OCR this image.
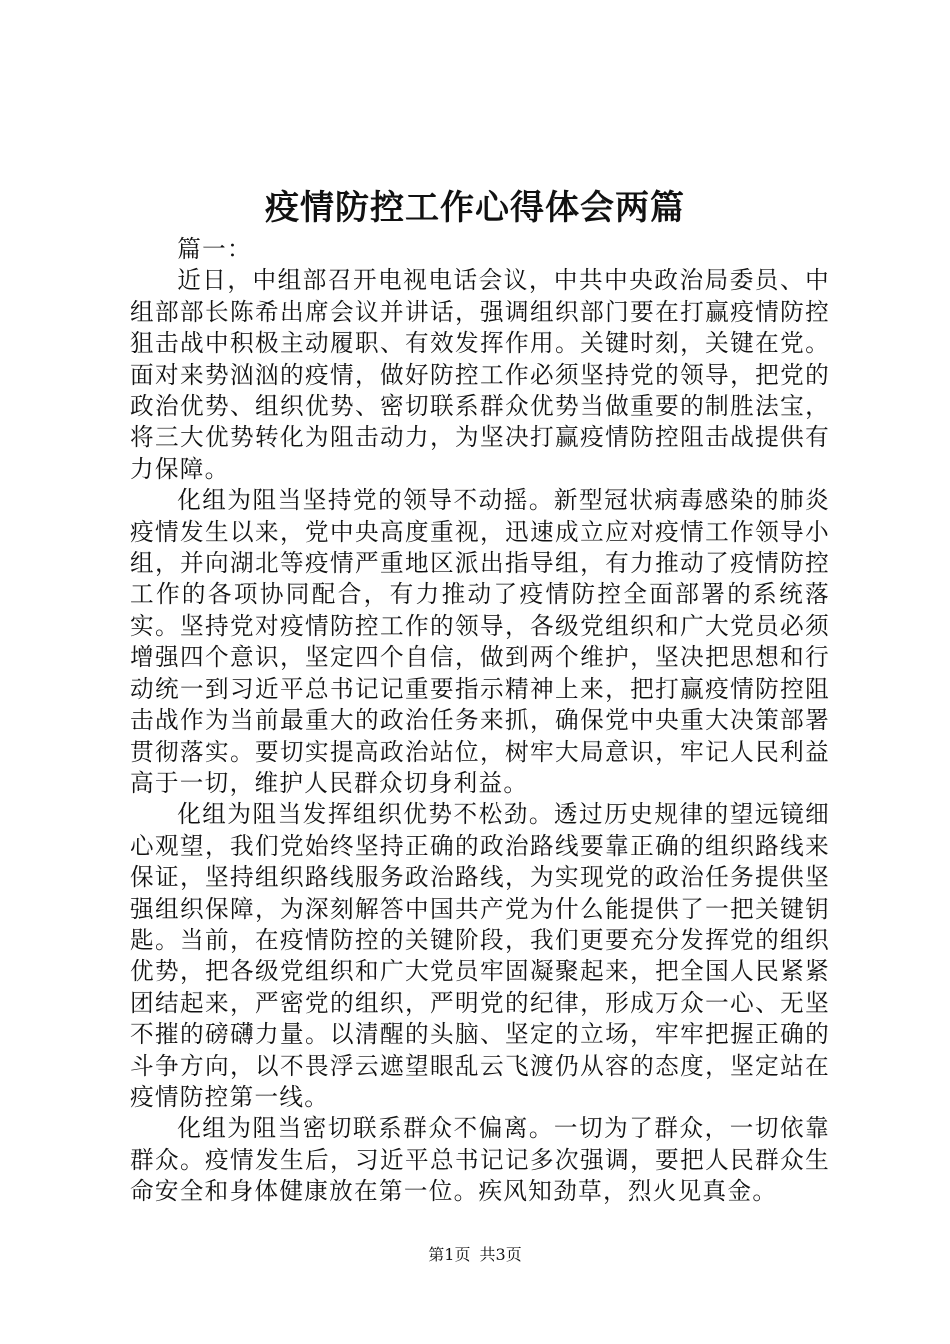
疫情防控工作心得体会两篇

篇一：

近日，中组部召开电视电话会议，中共中央政治局委员、中组部部长陈希出席会议并讲话，强调组织部门要在打赢疫情防控狙击战中积极主动履职、有效发挥作用。关键时刻，关键在党。面对来势汹汹的疫情，做好防控工作必须坚持党的领导，把党的政治优势、组织优势、密切联系群众优势当做重要的制胜法宝，将三大优势转化为阻击动力，为坚决打赢疫情防控阻击战提供有力保障。

化组为阻当坚持党的领导不动摇。新型冠状病毒感染的肺炎疫情发生以来，党中央高度重视，迅速成立应对疫情工作领导小组，并向湖北等疫情严重地区派出指导组，有力推动了疫情防控工作的各项协同配合，有力推动了疫情防控全面部署的系统落实。坚持党对疫情防控工作的领导，各级党组织和广大党员必须增强四个意识，坚定四个自信，做到两个维护，坚决把思想和行动统一到习近平总书记记重要指示精神上来，把打赢疫情防控阻击战作为当前最重大的政治任务来抓，确保党中央重大决策部署贯彻落实。要切实提高政治站位，树牢大局意识，牢记人民利益高于一切，维护人民群众切身利益。

化组为阻当发挥组织优势不松劲。透过历史规律的望远镜细心观望，我们党始终坚持正确的政治路线要靠正确的组织路线来保证，坚持组织路线服务政治路线，为实现党的政治任务提供坚强组织保障，为深刻解答中国共产党为什么能提供了一把关键钥匙。当前，在疫情防控的关键阶段，我们更要充分发挥党的组织优势，把各级党组织和广大党员牢固凝聚起来，把全国人民紧紧团结起来，严密党的组织，严明党的纪律，形成万众一心、无坚不摧的磅礴力量。以清醒的头脑、坚定的立场，牢牢把握正确的斗争方向，以不畏浮云遮望眼乱云飞渡仍从容的态度，坚定站在疫情防控第一线。

化组为阻当密切联系群众不偏离。一切为了群众，一切依靠群众。疫情发生后，习近平总书记记多次强调，要把人民群众生命安全和身体健康放在第一位。疾风知劲草，烈火见真金。

第1页 共3页
